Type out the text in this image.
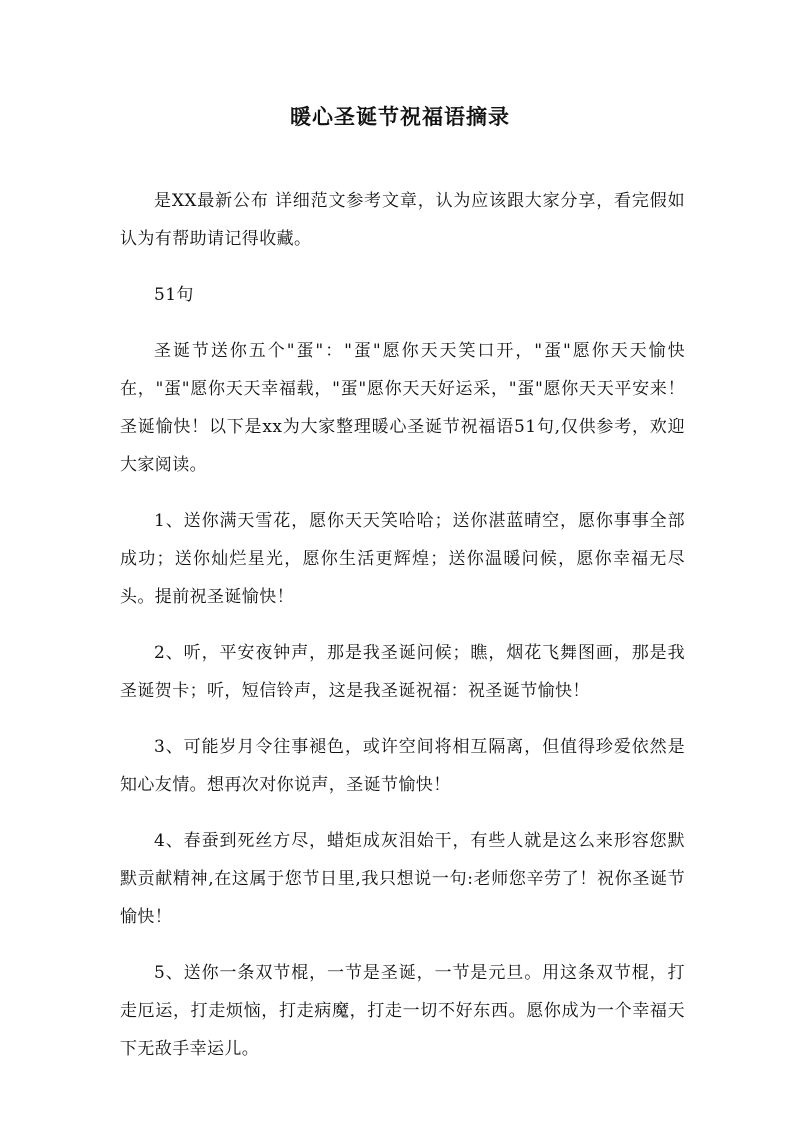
暖心圣诞节祝福语摘录

是XX最新公布 详细范文参考文章，认为应该跟大家分享，看完假如认为有帮助请记得收藏。

51句

圣诞节送你五个"蛋"："蛋"愿你天天笑口开，"蛋"愿你天天愉快在，"蛋"愿你天天幸福载，"蛋"愿你天天好运采，"蛋"愿你天天平安来！圣诞愉快！以下是xx为大家整理暖心圣诞节祝福语51句,仅供参考，欢迎大家阅读。

1、送你满天雪花，愿你天天笑哈哈；送你湛蓝晴空，愿你事事全部成功；送你灿烂星光，愿你生活更辉煌；送你温暖问候，愿你幸福无尽头。提前祝圣诞愉快！

2、听，平安夜钟声，那是我圣诞问候；瞧，烟花飞舞图画，那是我圣诞贺卡；听，短信铃声，这是我圣诞祝福：祝圣诞节愉快！

3、可能岁月令往事褪色，或许空间将相互隔离，但值得珍爱依然是知心友情。想再次对你说声，圣诞节愉快！

4、春蚕到死丝方尽，蜡炬成灰泪始干，有些人就是这么来形容您默默贡献精神,在这属于您节日里,我只想说一句:老师您辛劳了！祝你圣诞节愉快！

5、送你一条双节棍，一节是圣诞，一节是元旦。用这条双节棍，打走厄运，打走烦恼，打走病魔，打走一切不好东西。愿你成为一个幸福天下无敌手幸运儿。
